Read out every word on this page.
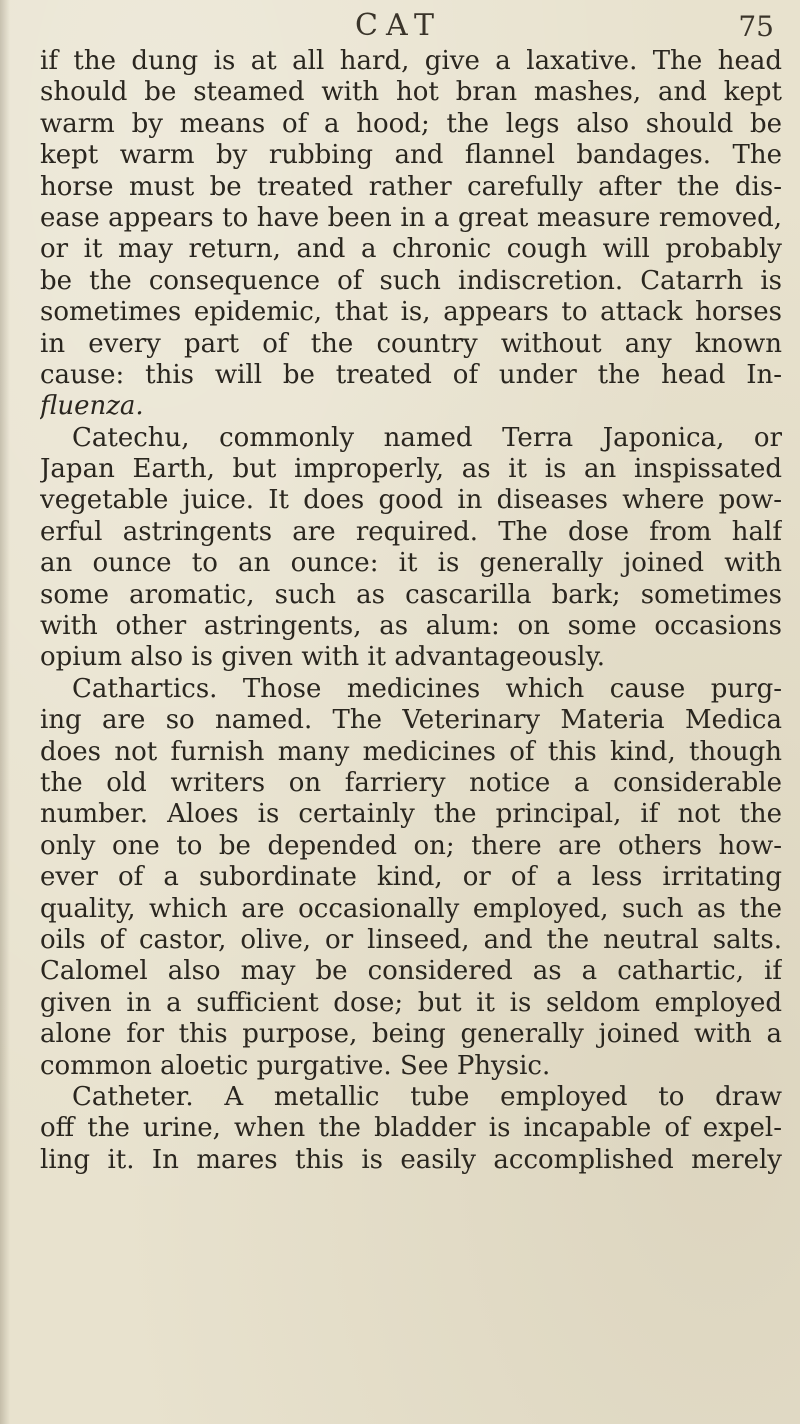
CAT	75
if the dung is at all hard, give a laxative. The head
should be steamed with hot bran mashes, and kept
warm by means of a hood; the legs also should be
kept warm by rubbing and flannel bandages. The
horse must be treated rather carefully after the dis-
ease appears to have been in a great measure removed,
or it may return, and a chronic cough will probably
be the consequence of such indiscretion. Catarrh is
sometimes epidemic, that is, appears to attack horses
in every part of the country without any known
cause: this will be treated of under the head In-
fluenza.
Catechu, commonly named Terra Japonica, or
Japan Earth, but improperly, as it is an inspissated
vegetable juice. It does good in diseases where pow-
erful astringents are required. The dose from half
an ounce to an ounce: it is generally joined with
some aromatic, such as cascarilla bark; sometimes
with other astringents, as alum: on some occasions
opium also is given with it advantageously.
Cathartics. Those medicines which cause purg-
ing are so named. The Veterinary Materia Medica
does not furnish many medicines of this kind, though
the old writers on farriery notice a considerable
number. Aloes is certainly the principal, if not the
only one to be depended on; there are others how-
ever of a subordinate kind, or of a less irritating
quality, which are occasionally employed, such as the
oils of castor, olive, or linseed, and the neutral salts.
Calomel also may be considered as a cathartic, if
given in a sufficient dose; but it is seldom employed
alone for this purpose, being generally joined with a
common aloetic purgative. See Physic.
Catheter. A metallic tube employed to draw
off the urine, when the bladder is incapable of expel-
ling it. In mares this is easily accomplished merely
